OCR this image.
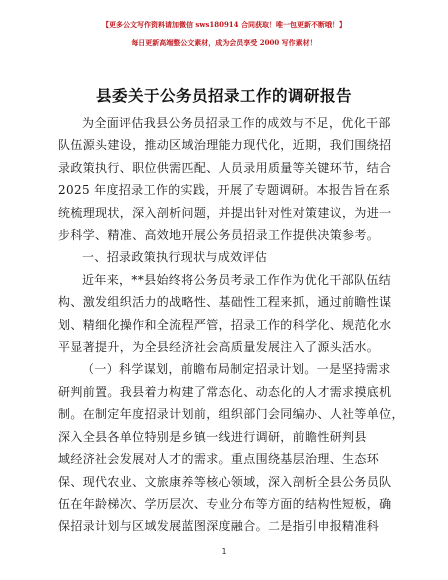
【更多公文写作资料请加微信 sws180914 合同获取！唯一包更新不断哦！】
每日更新高端整公文素材，成为会员享受 2000 写作素材！
县委关于公务员招录工作的调研报告

为全面评估我县公务员招录工作的成效与不足，优化干部
队伍源头建设，推动区域治理能力现代化，近期，我们围绕招
录政策执行、职位供需匹配、人员录用质量等关键环节，结合
2025 年度招录工作的实践，开展了专题调研。本报告旨在系
统梳理现状，深入剖析问题，并提出针对性对策建议，为进一
步科学、精准、高效地开展公务员招录工作提供决策参考。

一、招录政策执行现状与成效评估

近年来，**县始终将公务员考录工作作为优化干部队伍结
构、激发组织活力的战略性、基础性工程来抓，通过前瞻性谋
划、精细化操作和全流程严管，招录工作的科学化、规范化水
平显著提升，为全县经济社会高质量发展注入了源头活水。

（一）科学谋划，前瞻布局制定招录计划。一是坚持需求
研判前置。我县着力构建了常态化、动态化的人才需求摸底机
制。在制定年度招录计划前，组织部门会同编办、人社等单位，
深入全县各单位特别是乡镇一线进行调研，前瞻性研判县
域经济社会发展对人才的需求。重点围绕基层治理、生态环
保、现代农业、文旅康养等核心领域，深入剖析全县公务员队
伍在年龄梯次、学历层次、专业分布等方面的结构性短板，确
保招录计划与区域发展蓝图深度融合。二是指引申报精准科

1
